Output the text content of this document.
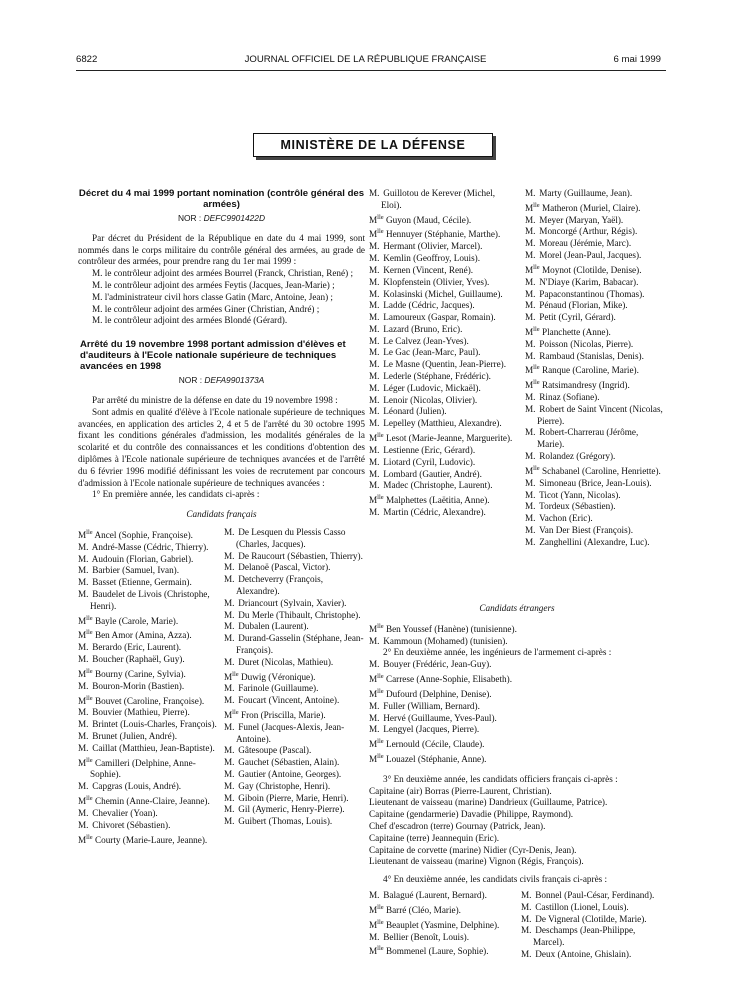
6822	JOURNAL OFFICIEL DE LA RÉPUBLIQUE FRANÇAISE	6 mai 1999
MINISTÈRE DE LA DÉFENSE
Décret du 4 mai 1999 portant nomination (contrôle général des armées)
NOR : DEFC9901422D

Par décret du Président de la République en date du 4 mai 1999, sont nommés dans le corps militaire du contrôle général des armées, au grade de contrôleur des armées, pour prendre rang du 1er mai 1999 :

M. le contrôleur adjoint des armées Bourrel (Franck, Christian, René) ;

M. le contrôleur adjoint des armées Feytis (Jacques, Jean-Marie) ;

M. l'administrateur civil hors classe Gatin (Marc, Antoine, Jean) ;

M. le contrôleur adjoint des armées Giner (Christian, André) ;

M. le contrôleur adjoint des armées Blondé (Gérard).

Arrêté du 19 novembre 1998 portant admission d'élèves et d'auditeurs à l'Ecole nationale supérieure de techniques avancées en 1998
NOR : DEFA9901373A

Par arrêté du ministre de la défense en date du 19 novembre 1998 :

Sont admis en qualité d'élève à l'Ecole nationale supérieure de techniques avancées, en application des articles 2, 4 et 5 de l'arrêté du 30 octobre 1995 fixant les conditions générales d'admission, les modalités générales de la scolarité et du contrôle des connaissances et les conditions d'obtention des diplômes à l'Ecole nationale supérieure de techniques avancées et de l'arrêté du 6 février 1996 modifié définissant les voies de recrutement par concours d'admission à l'Ecole nationale supérieure de techniques avancées :

1° En première année, les candidats ci-après :

Candidats français
$M^{lle}$ Ancel (Sophie, Françoise).
M. André-Masse (Cédric, Thierry).
M. Audouin (Florian, Gabriel).
M. Barbier (Samuel, Ivan).
M. Basset (Etienne, Germain).
M. Baudelet de Livois (Christophe, Henri).
$M^{lle}$ Bayle (Carole, Marie).
$M^{lle}$ Ben Amor (Amina, Azza).
M. Berardo (Eric, Laurent).
M. Boucher (Raphaël, Guy).
$M^{lle}$ Bourny (Carine, Sylvia).
M. Bouron-Morin (Bastien).
$M^{lle}$ Bouvet (Caroline, Françoise).
M. Bouvier (Mathieu, Pierre).
M. Brintet (Louis-Charles, François).
M. Brunet (Julien, André).
M. Caillat (Matthieu, Jean-Baptiste).
$M^{lle}$ Camilleri (Delphine, Anne-Sophie).
M. Capgras (Louis, André).
$M^{lle}$ Chemin (Anne-Claire, Jeanne).
M. Chevalier (Yoan).
M. Chivoret (Sébastien).
$M^{lle}$ Courty (Marie-Laure, Jeanne).
M. De Lesquen du Plessis Casso (Charles, Jacques).
M. De Raucourt (Sébastien, Thierry).
M. Delanoë (Pascal, Victor).
M. Detcheverry (François, Alexandre).
M. Driancourt (Sylvain, Xavier).
M. Du Merle (Thibault, Christophe).
M. Dubalen (Laurent).
M. Durand-Gasselin (Stéphane, Jean-François).
M. Duret (Nicolas, Mathieu).
$M^{lle}$ Duwig (Véronique).
M. Farinole (Guillaume).
M. Foucart (Vincent, Antoine).
$M^{lle}$ Fron (Priscilla, Marie).
M. Funel (Jacques-Alexis, Jean-Antoine).
M. Gâtesoupe (Pascal).
M. Gauchet (Sébastien, Alain).
M. Gautier (Antoine, Georges).
M. Gay (Christophe, Henri).
M. Giboin (Pierre, Marie, Henri).
M. Gil (Aymeric, Henry-Pierre).
M. Guibert (Thomas, Louis).
M. Guillotou de Kerever (Michel, Eloi).
$M^{lle}$ Guyon (Maud, Cécile).
$M^{lle}$ Hennuyer (Stéphanie, Marthe).
M. Hermant (Olivier, Marcel).
M. Kemlin (Geoffroy, Louis).
M. Kernen (Vincent, René).
M. Klopfenstein (Olivier, Yves).
M. Kolasinski (Michel, Guillaume).
M. Ladde (Cédric, Jacques).
M. Lamoureux (Gaspar, Romain).
M. Lazard (Bruno, Eric).
M. Le Calvez (Jean-Yves).
M. Le Gac (Jean-Marc, Paul).
M. Le Masne (Quentin, Jean-Pierre).
M. Lederle (Stéphane, Frédéric).
M. Léger (Ludovic, Mickaël).
M. Lenoir (Nicolas, Olivier).
M. Léonard (Julien).
M. Lepelley (Matthieu, Alexandre).
$M^{lle}$ Lesot (Marie-Jeanne, Marguerite).
M. Lestienne (Eric, Gérard).
M. Liotard (Cyril, Ludovic).
M. Lombard (Gautier, André).
M. Madec (Christophe, Laurent).
$M^{lle}$ Malphettes (Laëtitia, Anne).
M. Martin (Cédric, Alexandre).
M. Marty (Guillaume, Jean).
$M^{lle}$ Matheron (Muriel, Claire).
M. Meyer (Maryan, Yaël).
M. Moncorgé (Arthur, Régis).
M. Moreau (Jérémie, Marc).
M. Morel (Jean-Paul, Jacques).
$M^{lle}$ Moynot (Clotilde, Denise).
M. N'Diaye (Karim, Babacar).
M. Papaconstantinou (Thomas).
M. Pénaud (Florian, Mike).
M. Petit (Cyril, Gérard).
$M^{lle}$ Planchette (Anne).
M. Poisson (Nicolas, Pierre).
M. Rambaud (Stanislas, Denis).
$M^{lle}$ Ranque (Caroline, Marie).
$M^{lle}$ Ratsimandresy (Ingrid).
M. Rinaz (Sofiane).
M. Robert de Saint Vincent (Nicolas, Pierre).
M. Robert-Charrerau (Jérôme, Marie).
M. Rolandez (Grégory).
$M^{lle}$ Schabanel (Caroline, Henriette).
M. Simoneau (Brice, Jean-Louis).
M. Ticot (Yann, Nicolas).
M. Tordeux (Sébastien).
M. Vachon (Eric).
M. Van Der Biest (François).
M. Zanghellini (Alexandre, Luc).
Candidats étrangers
$M^{lle}$ Ben Youssef (Hanène) (tunisienne).
M. Kammoun (Mohamed) (tunisien).
2° En deuxième année, les ingénieurs de l'armement ci-après :
M. Bouyer (Frédéric, Jean-Guy).
$M^{lle}$ Carrese (Anne-Sophie, Elisabeth).
$M^{lle}$ Dufourd (Delphine, Denise).
M. Fuller (William, Bernard).
M. Hervé (Guillaume, Yves-Paul).
M. Lengyel (Jacques, Pierre).
$M^{lle}$ Lernould (Cécile, Claude).
$M^{lle}$ Louazel (Stéphanie, Anne).
3° En deuxième année, les candidats officiers français ci-après :
Capitaine (air) Borras (Pierre-Laurent, Christian).
Lieutenant de vaisseau (marine) Dandrieux (Guillaume, Patrice).
Capitaine (gendarmerie) Davadie (Philippe, Raymond).
Chef d'escadron (terre) Gournay (Patrick, Jean).
Capitaine (terre) Jeannequin (Eric).
Capitaine de corvette (marine) Nidier (Cyr-Denis, Jean).
Lieutenant de vaisseau (marine) Vignon (Régis, François).
4° En deuxième année, les candidats civils français ci-après :
M. Balagué (Laurent, Bernard).
$M^{lle}$ Barré (Cléo, Marie).
$M^{lle}$ Beauplet (Yasmine, Delphine).
M. Bellier (Benoît, Louis).
$M^{lle}$ Bommenel (Laure, Sophie).
M. Bonnel (Paul-César, Ferdinand).
M. Castillon (Lionel, Louis).
M. De Vigneral (Clotilde, Marie).
M. Deschamps (Jean-Philippe, Marcel).
M. Deux (Antoine, Ghislain).
